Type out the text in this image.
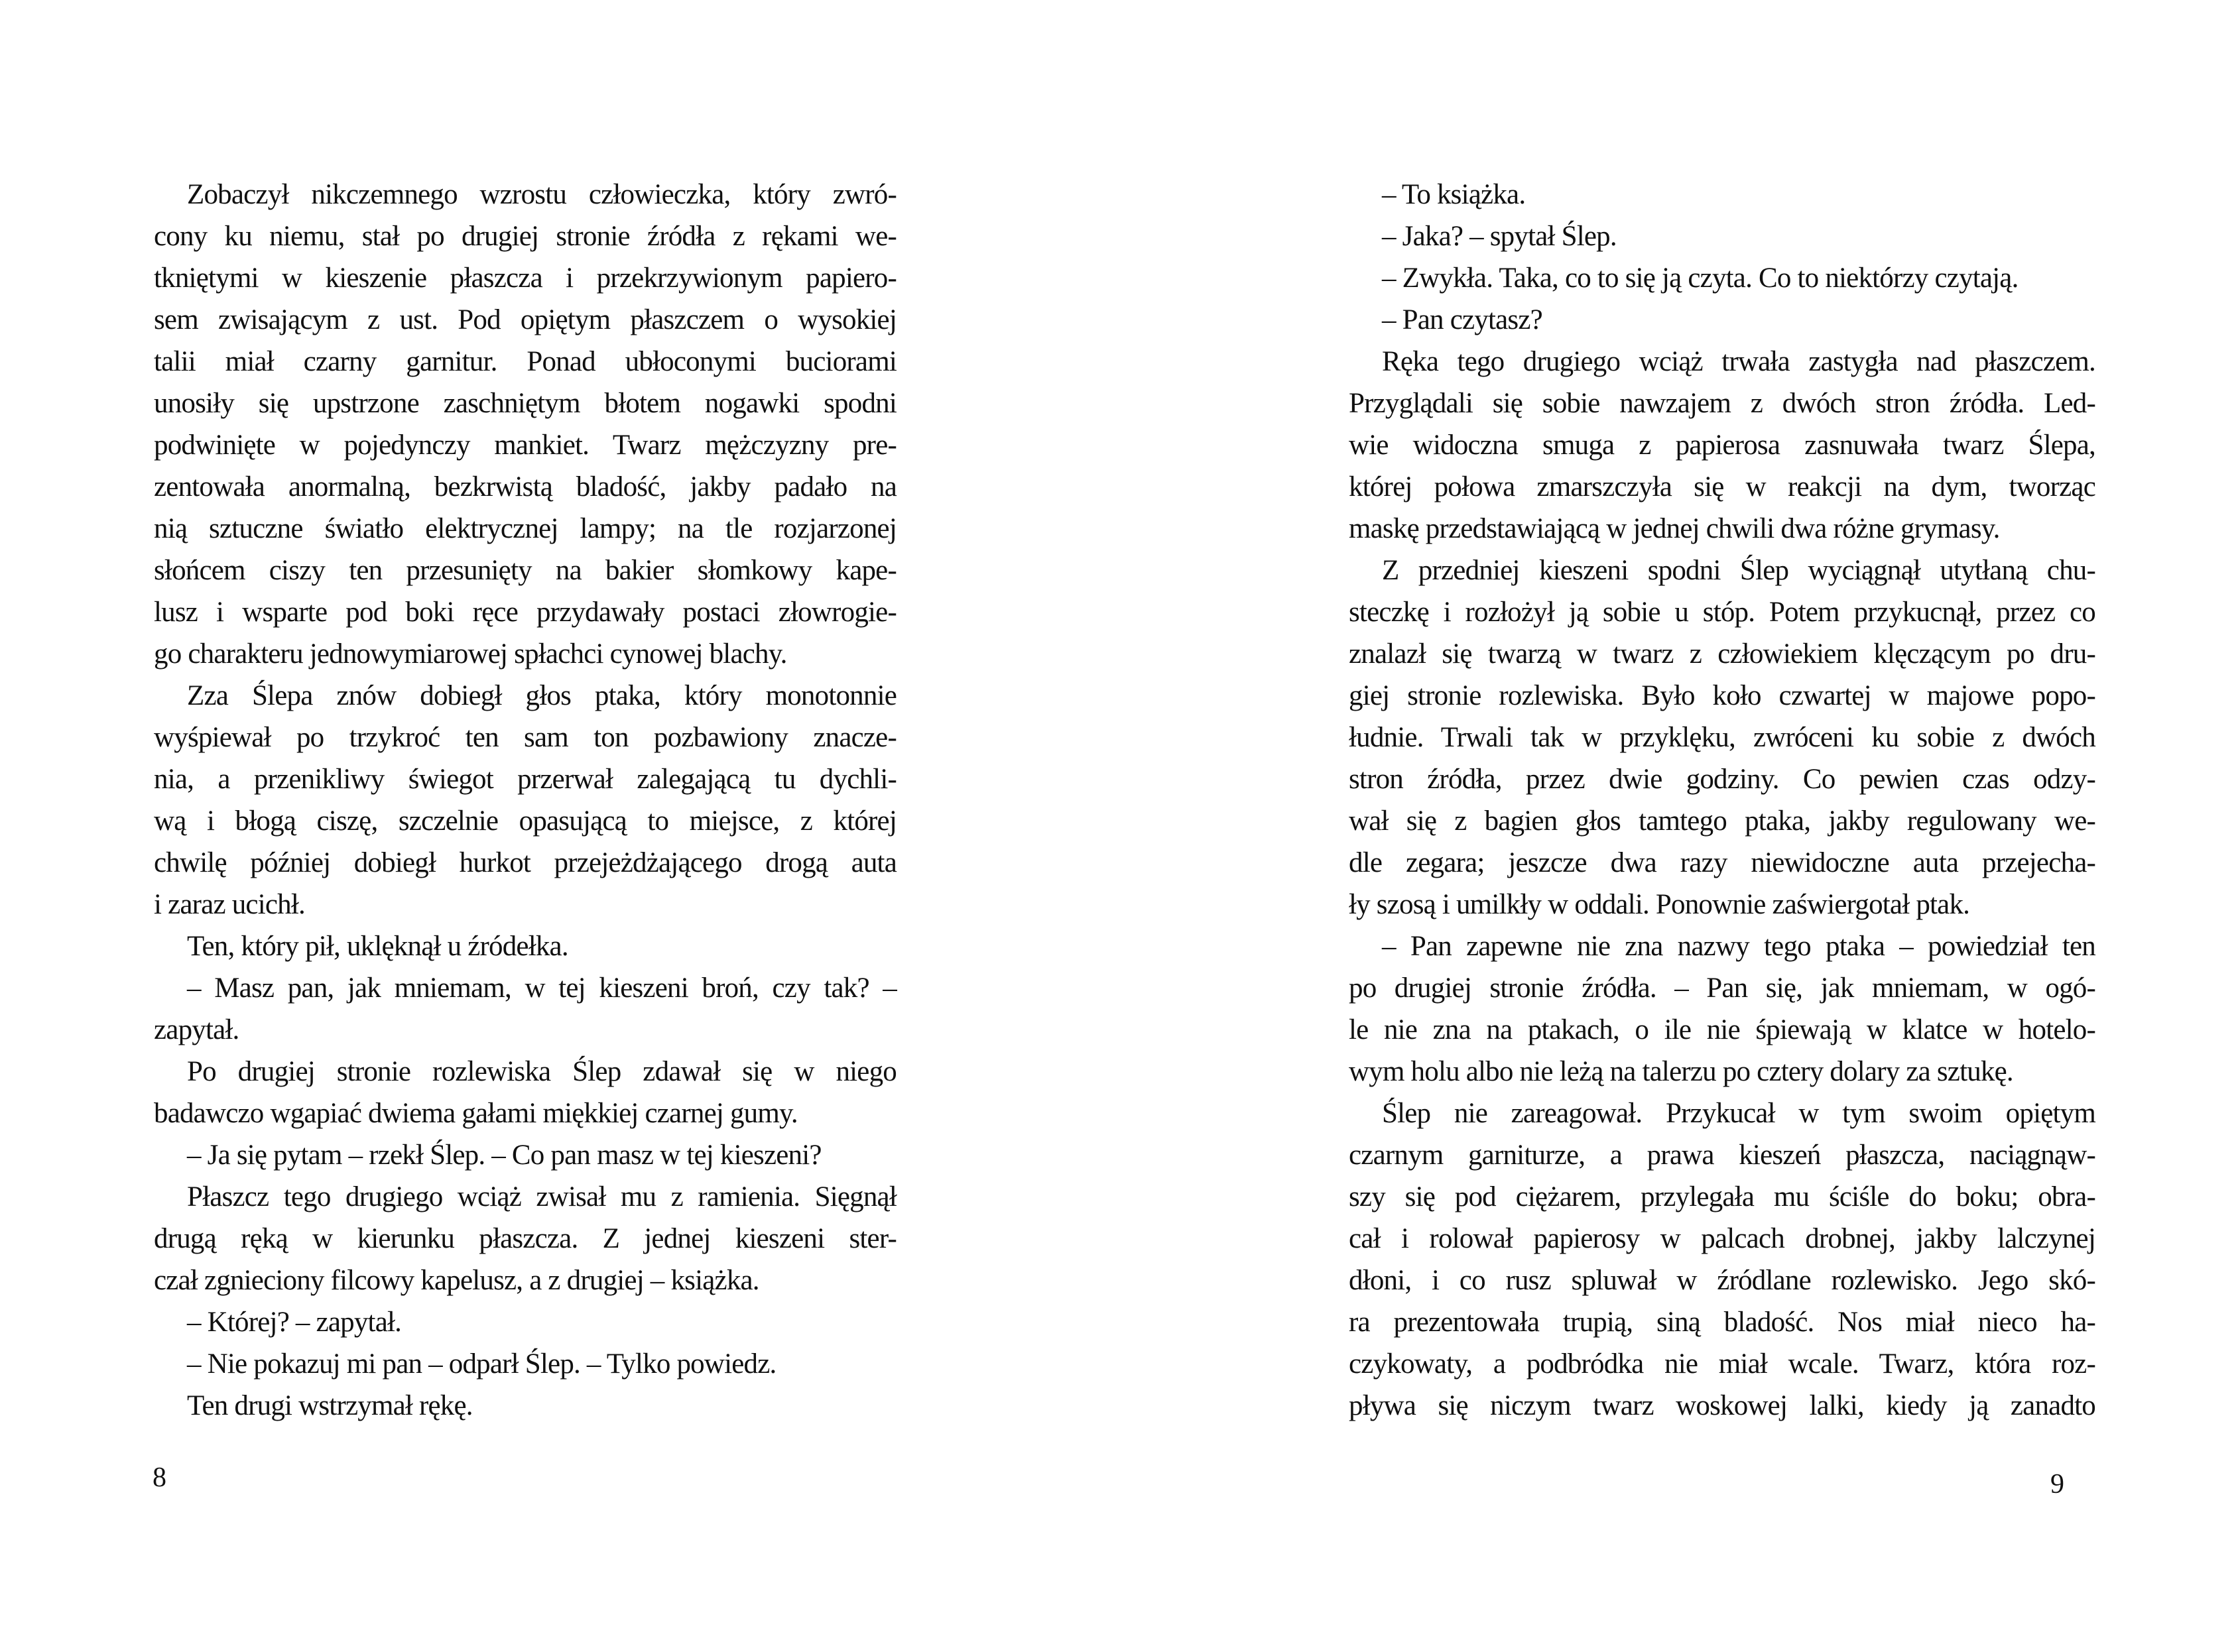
Zobaczył nikczemnego wzrostu człowieczka, który zwró-
cony ku niemu, stał po drugiej stronie źródła z rękami we-
tkniętymi w kieszenie płaszcza i przekrzywionym papiero-
sem zwisającym z ust. Pod opiętym płaszczem o wysokiej
talii miał czarny garnitur. Ponad ubłoconymi buciorami
unosiły się upstrzone zaschniętym błotem nogawki spodni
podwinięte w pojedynczy mankiet. Twarz mężczyzny pre-
zentowała anormalną, bezkrwistą bladość, jakby padało na
nią sztuczne światło elektrycznej lampy; na tle rozjarzonej
słońcem ciszy ten przesunięty na bakier słomkowy kape-
lusz i wsparte pod boki ręce przydawały postaci złowrogie-
go charakteru jednowymiarowej spłachci cynowej blachy.
Zza Ślepa znów dobiegł głos ptaka, który monotonnie
wyśpiewał po trzykroć ten sam ton pozbawiony znacze-
nia, a przenikliwy świegot przerwał zalegającą tu dychli-
wą i błogą ciszę, szczelnie opasującą to miejsce, z której
chwilę później dobiegł hurkot przejeżdżającego drogą auta
i zaraz ucichł.
Ten, który pił, uklęknął u źródełka.
– Masz pan, jak mniemam, w tej kieszeni broń, czy tak? –
zapytał.
Po drugiej stronie rozlewiska Ślep zdawał się w niego
badawczo wgapiać dwiema gałami miękkiej czarnej gumy.
– Ja się pytam – rzekł Ślep. – Co pan masz w tej kieszeni?
Płaszcz tego drugiego wciąż zwisał mu z ramienia. Sięgnął
drugą ręką w kierunku płaszcza. Z jednej kieszeni ster-
czał zgnieciony filcowy kapelusz, a z drugiej – książka.
– Której? – zapytał.
– Nie pokazuj mi pan – odparł Ślep. – Tylko powiedz.
Ten drugi wstrzymał rękę.
8
– To książka.
– Jaka? – spytał Ślep.
– Zwykła. Taka, co to się ją czyta. Co to niektórzy czytają.
– Pan czytasz?
Ręka tego drugiego wciąż trwała zastygła nad płaszczem.
Przyglądali się sobie nawzajem z dwóch stron źródła. Led-
wie widoczna smuga z papierosa zasnuwała twarz Ślepa,
której połowa zmarszczyła się w reakcji na dym, tworząc
maskę przedstawiającą w jednej chwili dwa różne grymasy.
Z przedniej kieszeni spodni Ślep wyciągnął utytłaną chu-
steczkę i rozłożył ją sobie u stóp. Potem przykucnął, przez co
znalazł się twarzą w twarz z człowiekiem klęczącym po dru-
giej stronie rozlewiska. Było koło czwartej w majowe popo-
łudnie. Trwali tak w przyklęku, zwróceni ku sobie z dwóch
stron źródła, przez dwie godziny. Co pewien czas odzy-
wał się z bagien głos tamtego ptaka, jakby regulowany we-
dle zegara; jeszcze dwa razy niewidoczne auta przejecha-
ły szosą i umilkły w oddali. Ponownie zaświergotał ptak.
– Pan zapewne nie zna nazwy tego ptaka – powiedział ten
po drugiej stronie źródła. – Pan się, jak mniemam, w ogó-
le nie zna na ptakach, o ile nie śpiewają w klatce w hotelo-
wym holu albo nie leżą na talerzu po cztery dolary za sztukę.
Ślep nie zareagował. Przykucał w tym swoim opiętym
czarnym garniturze, a prawa kieszeń płaszcza, naciągnąw-
szy się pod ciężarem, przylegała mu ściśle do boku; obra-
cał i rolował papierosy w palcach drobnej, jakby lalczynej
dłoni, i co rusz spluwał w źródlane rozlewisko. Jego skó-
ra prezentowała trupią, siną bladość. Nos miał nieco ha-
czykowaty, a podbródka nie miał wcale. Twarz, która roz-
pływa się niczym twarz woskowej lalki, kiedy ją zanadto
9
